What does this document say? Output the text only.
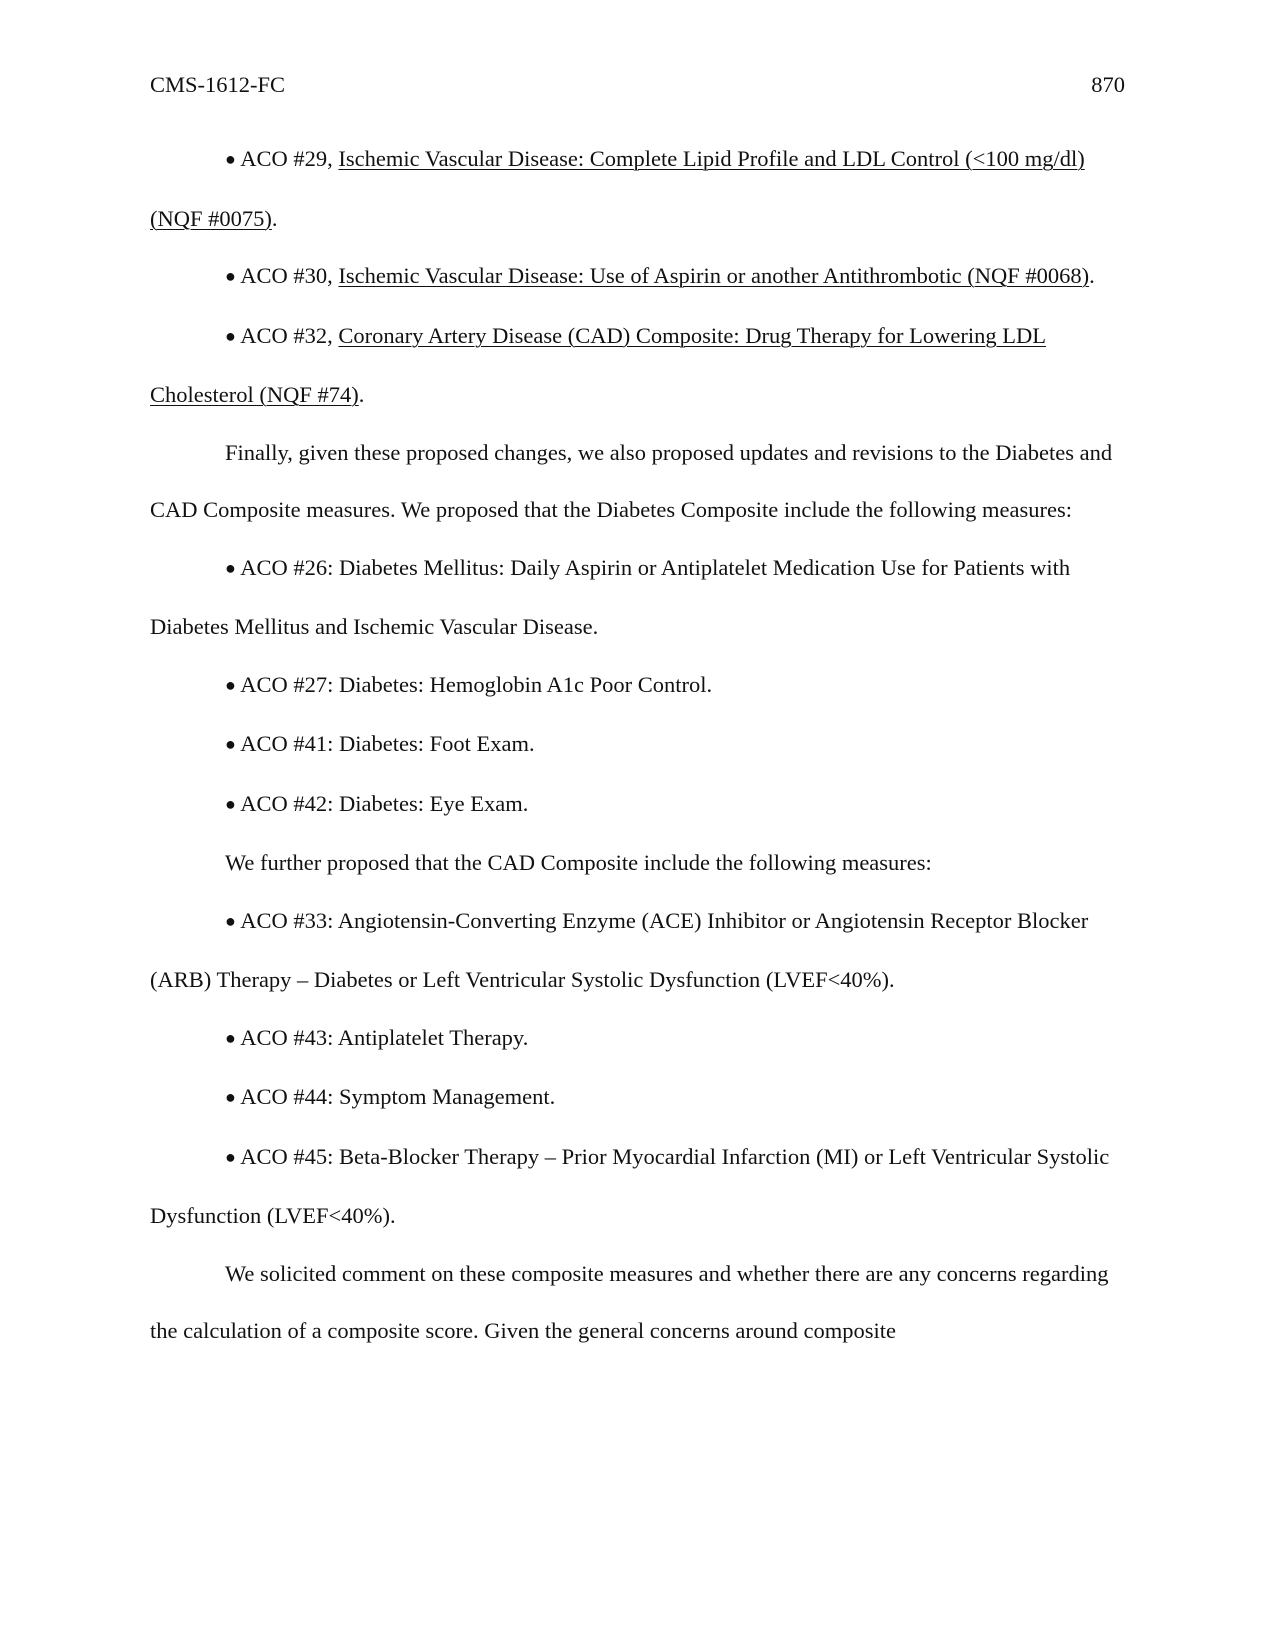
CMS-1612-FC	870

● ACO #29, Ischemic Vascular Disease: Complete Lipid Profile and LDL Control (<100 mg/dl) (NQF #0075).

● ACO #30, Ischemic Vascular Disease: Use of Aspirin or another Antithrombotic (NQF #0068).

● ACO #32, Coronary Artery Disease (CAD) Composite: Drug Therapy for Lowering LDL Cholesterol (NQF #74).

Finally, given these proposed changes, we also proposed updates and revisions to the Diabetes and CAD Composite measures. We proposed that the Diabetes Composite include the following measures:

● ACO #26: Diabetes Mellitus: Daily Aspirin or Antiplatelet Medication Use for Patients with Diabetes Mellitus and Ischemic Vascular Disease.

● ACO #27: Diabetes: Hemoglobin A1c Poor Control.

● ACO #41: Diabetes: Foot Exam.

● ACO #42: Diabetes: Eye Exam.

We further proposed that the CAD Composite include the following measures:

● ACO #33: Angiotensin-Converting Enzyme (ACE) Inhibitor or Angiotensin Receptor Blocker (ARB) Therapy – Diabetes or Left Ventricular Systolic Dysfunction (LVEF<40%).

● ACO #43: Antiplatelet Therapy.

● ACO #44: Symptom Management.

● ACO #45: Beta-Blocker Therapy – Prior Myocardial Infarction (MI) or Left Ventricular Systolic Dysfunction (LVEF<40%).

We solicited comment on these composite measures and whether there are any concerns regarding the calculation of a composite score. Given the general concerns around composite
